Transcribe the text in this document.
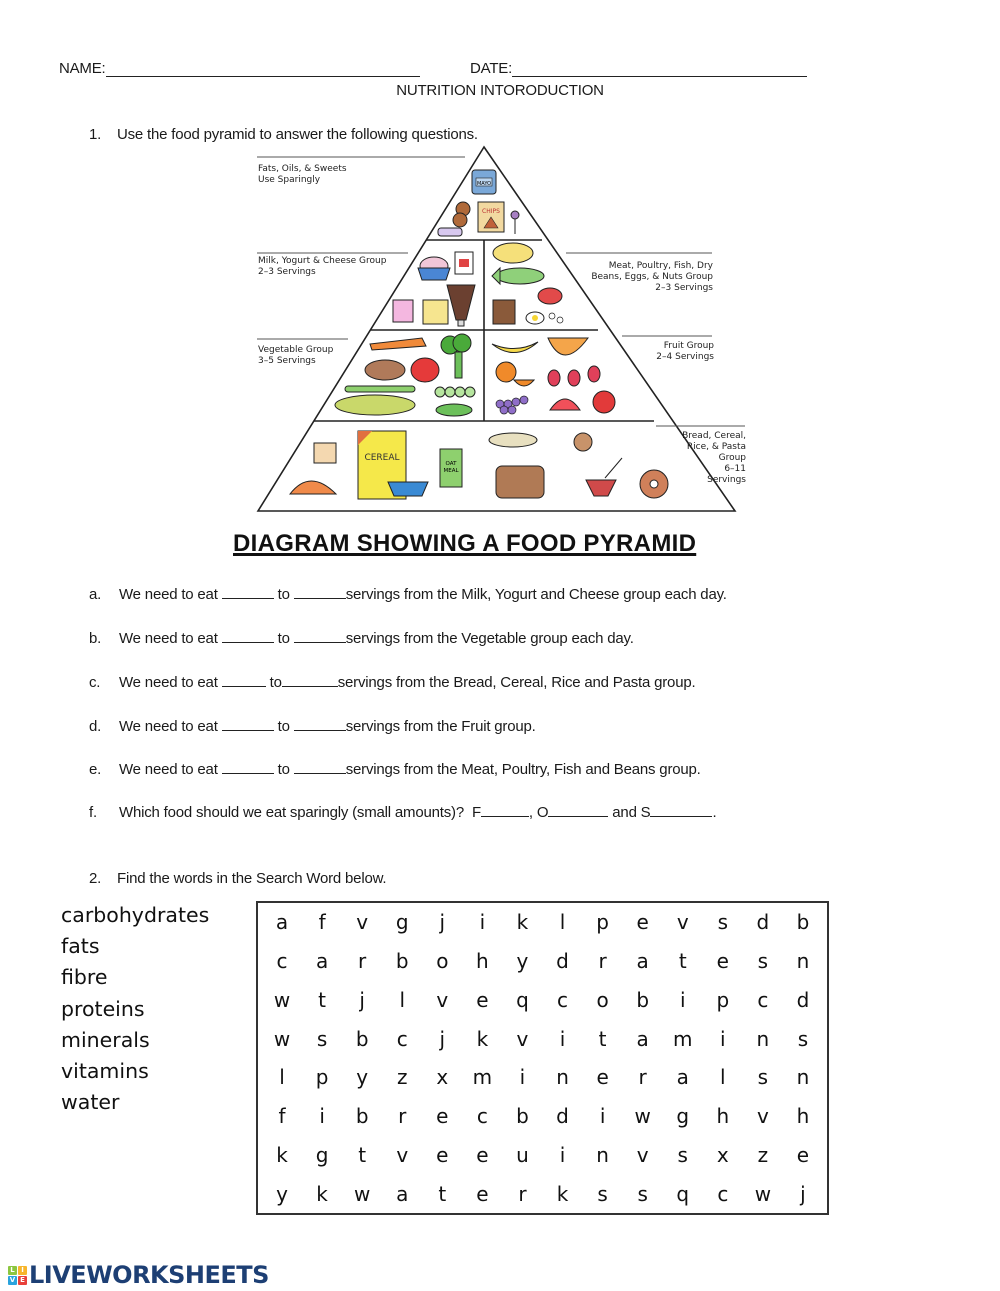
NAME:	DATE:
NUTRITION INTORODUCTION
1. Use the food pyramid to answer the following questions.
MAYO
CHIPS
CEREAL
OAT
MEAL
Fats, Oils, & Sweets
Use Sparingly
Milk, Yogurt & Cheese Group
2–3 Servings
Meat, Poultry, Fish, Dry
Beans, Eggs, & Nuts Group
2–3 Servings
Vegetable Group
3–5 Servings
Fruit Group
2–4 Servings
Bread, Cereal,
Rice, & Pasta
Group
6–11
Servings
DIAGRAM SHOWING A FOOD PYRAMID
a. We need to eat	to	servings from the Milk, Yogurt and Cheese group each day.
b. We need to eat	to	servings from the Vegetable group each day.
c. We need to eat	to	servings from the Bread, Cereal, Rice and Pasta group.
d. We need to eat	to	servings from the Fruit group.
e. We need to eat	to	servings from the Meat, Poultry, Fish and Beans group.
f. Which food should we eat sparingly (small amounts)? F	, O	and S	.
2. Find the words in the Search Word below.
carbohydrates
fats
fibre
proteins
minerals
vitamins
water
a	f	v	g	j	i	k	l	p	e	v	s	d	b
c	a	r	b	o	h	y	d	r	a	t	e	s	n
w	t	j	l	v	e	q	c	o	b	i	p	c	d
w	s	b	c	j	k	v	i	t	a	m	i	n	s
l	p	y	z	x	m	i	n	e	r	a	l	s	n
f	i	b	r	e	c	b	d	i	w	g	h	v	h
k	g	t	v	e	e	u	i	n	v	s	x	z	e
y	k	w	a	t	e	r	k	s	s	q	c	w	j
L I
V E LIVEWORKSHEETS
